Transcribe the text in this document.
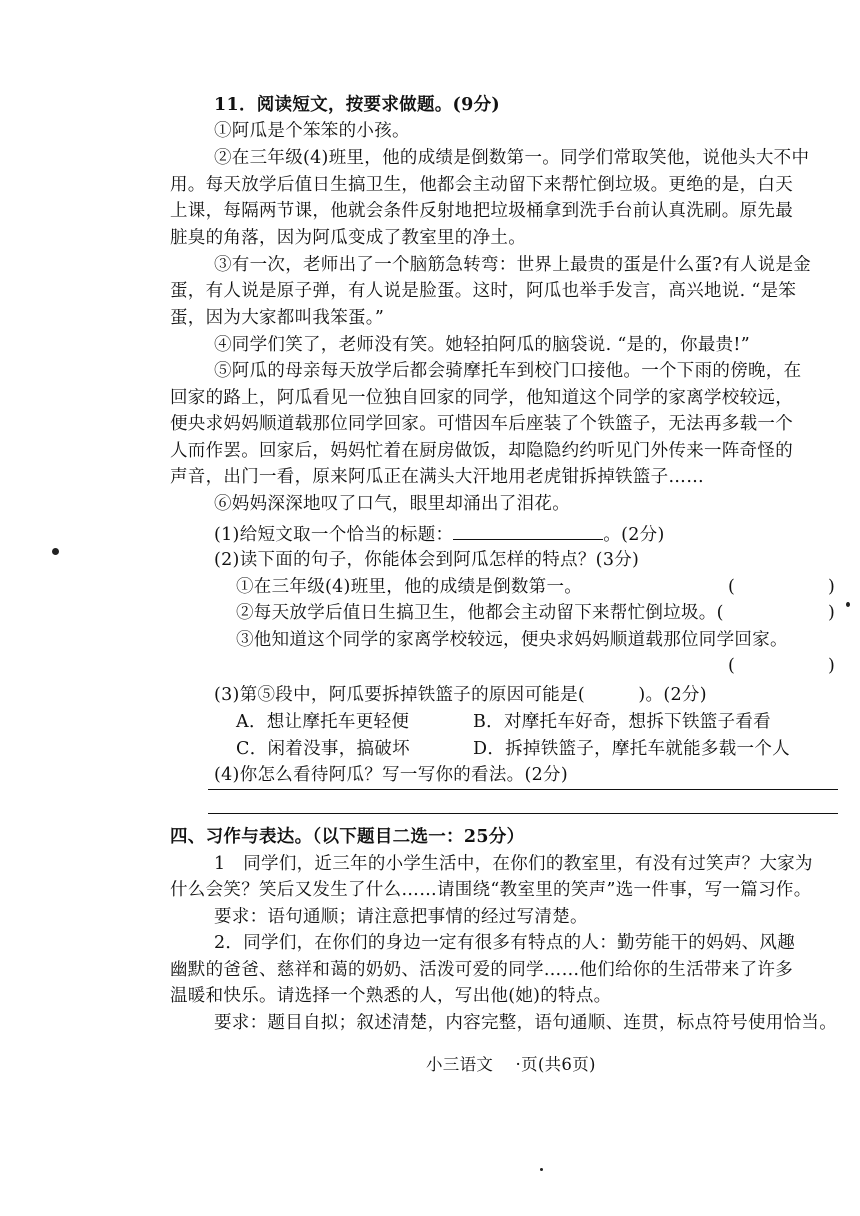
11．阅读短文，按要求做题。(9分)
①阿瓜是个笨笨的小孩。
②在三年级(4)班里，他的成绩是倒数第一。同学们常取笑他，说他头大不中
用。每天放学后值日生搞卫生，他都会主动留下来帮忙倒垃圾。更绝的是，白天
上课，每隔两节课，他就会条件反射地把垃圾桶拿到洗手台前认真洗刷。原先最
脏臭的角落，因为阿瓜变成了教室里的净土。
③有一次，老师出了一个脑筋急转弯：世界上最贵的蛋是什么蛋?有人说是金
蛋，有人说是原子弹，有人说是脸蛋。这时，阿瓜也举手发言，高兴地说. “是笨
蛋，因为大家都叫我笨蛋。”
④同学们笑了，老师没有笑。她轻拍阿瓜的脑袋说. “是的，你最贵!”
⑤阿瓜的母亲每天放学后都会骑摩托车到校门口接他。一个下雨的傍晚，在
回家的路上，阿瓜看见一位独自回家的同学，他知道这个同学的家离学校较远，
便央求妈妈顺道载那位同学回家。可惜因车后座装了个铁篮子，无法再多载一个
人而作罢。回家后，妈妈忙着在厨房做饭，却隐隐约约听见门外传来一阵奇怪的
声音，出门一看，原来阿瓜正在满头大汗地用老虎钳拆掉铁篮子……
⑥妈妈深深地叹了口气，眼里却涌出了泪花。
(1)给短文取一个恰当的标题：	。(2分)
(2)读下面的句子，你能体会到阿瓜怎样的特点？(3分)
①在三年级(4)班里，他的成绩是倒数第一。	(	)
②每天放学后值日生搞卫生，他都会主动留下来帮忙倒垃圾。(	)
③他知道这个同学的家离学校较远，便央求妈妈顺道载那位同学回家。
(	)
(3)第⑤段中，阿瓜要拆掉铁篮子的原因可能是(　　　)。(2分)
A．想让摩托车更轻便	B．对摩托车好奇，想拆下铁篮子看看
C．闲着没事，搞破坏	D．拆掉铁篮子，摩托车就能多载一个人
(4)你怎么看待阿瓜？写一写你的看法。(2分)
四、习作与表达。（以下题目二选一：25分）
1　同学们，近三年的小学生活中，在你们的教室里，有没有过笑声？大家为
什么会笑？笑后又发生了什么……请围绕“教室里的笑声”选一件事，写一篇习作。
要求：语句通顺；请注意把事情的经过写清楚。
2．同学们，在你们的身边一定有很多有特点的人：勤劳能干的妈妈、风趣
幽默的爸爸、慈祥和蔼的奶奶、活泼可爱的同学……他们给你的生活带来了许多
温暖和快乐。请选择一个熟悉的人，写出他(她)的特点。
要求：题目自拟；叙述清楚，内容完整，语句通顺、连贯，标点符号使用恰当。
小三语文　 ·页(共6页)
